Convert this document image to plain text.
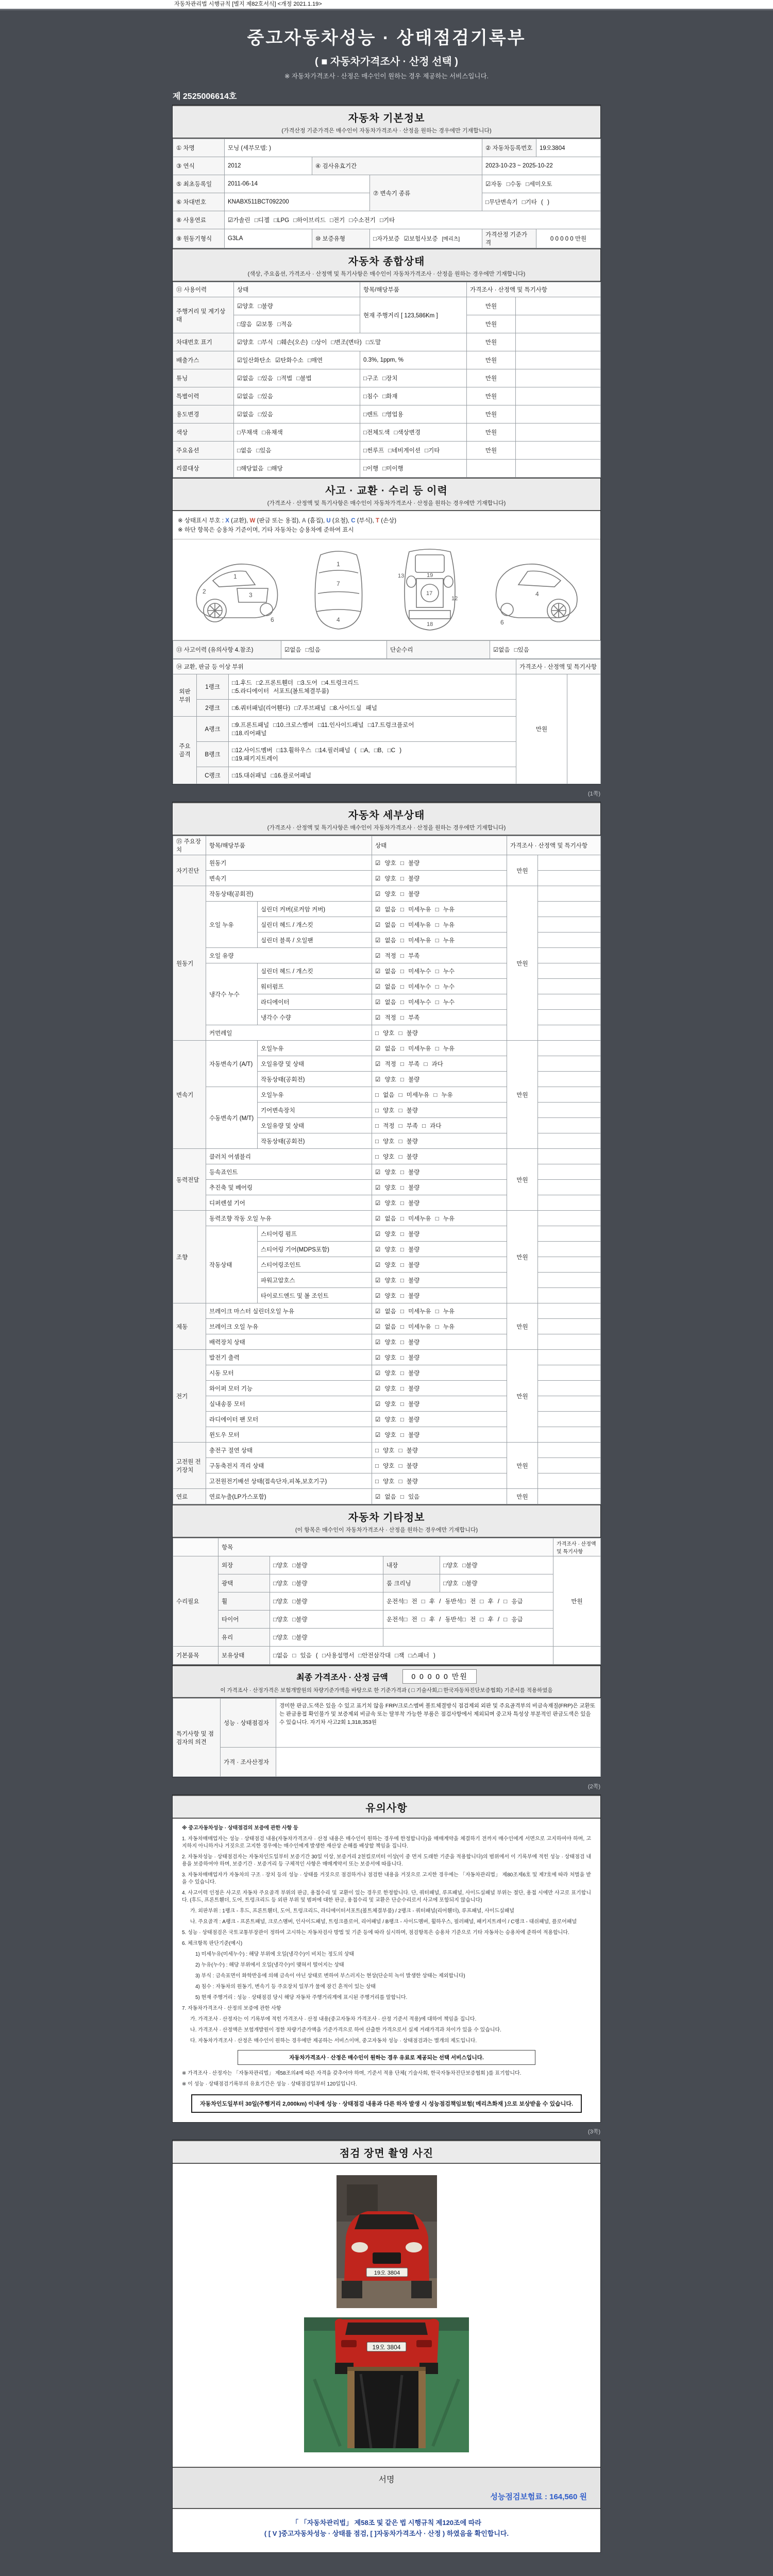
자동차관리법 시행규칙 [별지 제82호서식] <개정 2021.1.19>
중고자동차성능 · 상태점검기록부
( ■ 자동차가격조사 · 산정 선택 )
※ 자동차가격조사 · 산정은 매수인이 원하는 경우 제공하는 서비스입니다.
제 2525006614호
자동차 기본정보
(가격산정 기준가격은 매수인이 자동차가격조사 · 산정을 원하는 경우에만 기재합니다)
① 차명	모닝 (세부모델: )			② 자동차등록번호	19오3804
③ 연식	2012	④ 검사유효기간		2023-10-23 ~ 2025-10-22	
⑤ 최초등록일	2011-06-14		⑦ 변속기 종류	☑자동 □수동 □세미오토	
⑥ 차대번호	KNABX511BCT092200			□무단변속기 □기타 ( )	
⑧ 사용연료	☑가솔린 □디젤 □LPG □하이브리드 □전기 □수소전기 □기타				
⑨ 원동기형식	G3LA	⑩ 보증유형	□자가보증 ☑보험사보증 [메리츠]	가격산정 기준가격	0 0 0 0 0 만원
자동차 종합상태
(색상, 주요옵션, 가격조사 · 산정액 및 특기사항은 매수인이 자동차가격조사 · 산정을 원하는 경우에만 기재합니다)
⑪ 사용이력	상태	항목/해당부품	가격조사 · 산정액 및 특기사항	
주행거리 및 계기상태	☑양호 □불량	현재 주행거리 [ 123,586Km ]	만원	
	□많음 ☑보통 □적음		만원	
차대번호 표기	☑양호 □부식 □훼손(오손) □상이 □변조(변타) □도말		만원	
배출가스	☑일산화탄소 ☑탄화수소 □매연	0.3%, 1ppm, %	만원	
튜닝	☑없음 □있음 □적법 □불법	□구조 □장치	만원	
특별이력	☑없음 □있음	□침수 □화재	만원	
용도변경	☑없음 □있음	□렌트 □영업용	만원	
색상	□무채색 □유채색	□전체도색 □색상변경	만원	
주요옵션	□없음 □있음	□썬루프 □네비게이션 □기타	만원	
리콜대상	□해당없음 □해당	□이행 □미이행		
사고 · 교환 · 수리 등 이력
(가격조사 · 산정액 및 특기사항은 매수인이 자동차가격조사 · 산정을 원하는 경우에만 기재합니다)
※ 상태표시 부호 : X (교환), W (판금 또는 용접), A (흠집), U (요철), C (부식), T (손상)
※ 하단 항목은 승용차 기준이며, 기타 자동차는 승용차에 준하여 표시
1
2	3
6
1
7
4
13	19
12
17
18	6
4
⑬ 사고이력 (유의사항 4.참조)	☑없음 □있음	단순수리	☑없음 □있음
⑭ 교환, 판금 등 이상 부위			가격조사 · 산정액 및 특기사항	
외판부위	1랭크	□1.후드 □2.프론트휀더 □3.도어 □4.트렁크리드
□5.라디에이터 서포트(볼트체결부품)	만원	
	2랭크	□6.쿼터패널(리어휀다) □7.루브패널 □8.사이드실 패널		
주요골격	A랭크	□9.프론트패널 □10.크로스멤버 □11.인사이드패널 □17.트렁크플로어
□18.리어패널		
	B랭크	□12.사이드멤버 □13.휠하우스 □14.필러패널 ( □A, □B, □C )
□19.패키지트레이		
	C랭크	□15.대쉬패널 □16.플로어패널		
(1쪽)
자동차 세부상태
(가격조사 · 산정액 및 특기사항은 매수인이 자동차가격조사 · 산정을 원하는 경우에만 기재합니다)
⑮ 주요장치	항목/해당부품		상태	가격조사 · 산정액 및 특기사항	
자기진단	원동기		☑ 양호 □ 불량	만원	
	변속기		☑ 양호 □ 불량		
원동기	작동상태(공회전)		☑ 양호 □ 불량	만원	
	오일 누유	실린더 커버(로커암 커버)	☑ 없음 □ 미세누유 □ 누유		
		실린더 헤드 / 개스킷	☑ 없음 □ 미세누유 □ 누유		
		실린더 블록 / 오일팬	☑ 없음 □ 미세누유 □ 누유		
	오일 유량		☑ 적정 □ 부족		
	냉각수 누수	실린더 헤드 / 개스킷	☑ 없음 □ 미세누수 □ 누수		
		워터펌프	☑ 없음 □ 미세누수 □ 누수		
		라디에이터	☑ 없음 □ 미세누수 □ 누수		
		냉각수 수량	☑ 적정 □ 부족		
	커먼레일		□ 양호 □ 불량		
변속기	자동변속기 (A/T)	오일누유	☑ 없음 □ 미세누유 □ 누유	만원	
		오일유량 및 상태	☑ 적정 □ 부족 □ 과다		
		작동상태(공회전)	☑ 양호 □ 불량		
	수동변속기 (M/T)	오일누유	□ 없음 □ 미세누유 □ 누유		
		기어변속장치	□ 양호 □ 불량		
		오일유량 및 상태	□ 적정 □ 부족 □ 과다		
		작동상태(공회전)	□ 양호 □ 불량		
동력전달	클러치 어셈블리		□ 양호 □ 불량	만원	
	등속죠인트		☑ 양호 □ 불량		
	추진축 및 베어링		☑ 양호 □ 불량		
	디퍼렌셜 기어		☑ 양호 □ 불량		
조향	동력조향 작동 오일 누유		☑ 없음 □ 미세누유 □ 누유	만원	
	작동상태	스티어링 펌프	☑ 양호 □ 불량		
		스티어링 기어(MDPS포함)	☑ 양호 □ 불량		
		스티어링조인트	☑ 양호 □ 불량		
		파워고압호스	☑ 양호 □ 불량		
		타이로드엔드 및 볼 조인트	☑ 양호 □ 불량		
제동	브레이크 마스터 실린더오일 누유		☑ 없음 □ 미세누유 □ 누유	만원	
	브레이크 오일 누유		☑ 없음 □ 미세누유 □ 누유		
	배력장치 상태		☑ 양호 □ 불량		
전기	발전기 출력		☑ 양호 □ 불량	만원	
	시동 모터		☑ 양호 □ 불량		
	와이퍼 모터 기능		☑ 양호 □ 불량		
	실내송풍 모터		☑ 양호 □ 불량		
	라디에이터 팬 모터		☑ 양호 □ 불량		
	윈도우 모터		☑ 양호 □ 불량		
고전원 전기장치	충전구 절연 상태		□ 양호 □ 불량	만원	
	구동축전지 격리 상태		□ 양호 □ 불량		
	고전원전기배선 상태(접속단자,피복,보호기구)		□ 양호 □ 불량		
연료	연료누출(LP가스포함)		☑ 없음 □ 있음	만원	
자동차 기타정보
(이 항목은 매수인이 자동차가격조사 · 산정을 원하는 경우에만 기재합니다)
	항목				가격조사 · 산정액 및 특기사항
수리필요	외장	□양호 □불량	내장	□양호 □불량	만원
	광택	□양호 □불량	룸 크리닝	□양호 □불량	
	휠	□양호 □불량	운전석□ 전 □ 후 / 동반석□ 전 □ 후 / □ 응급		
	타이어	□양호 □불량	운전석□ 전 □ 후 / 동반석□ 전 □ 후 / □ 응급		
	유리	□양호 □불량			
기본품목	보유상태	□없음 □ 있음 ( □사용설명서 □안전삼각대 □잭 □스패너 )			
최종 가격조사 · 산정 금액	0 0 0 0 0 만원
이 가격조사 · 산정가격은 보험개발원의 차량기준가액을 바탕으로 한 기준가격과 ( □ 기술사회,□ 한국자동차진단보증협회) 기준서를 적용하였음
특기사항 및 점검자의 의견	성능 · 상태점검자	경미한 판금,도색은 있을 수 있고 표기치 않음 FRP/크로스멤버 볼트체결방식 점검제외 외판 및 주요골격부의 비금속재질(FRP)은 교환또는 판금용접 확인불가 및 보증제외 비금속 또는 탈부착 가능한 부품은 점검사항에서 제외되며 중고차 특성상 부분적인 판금도색은 있을 수 있습니다. 자기차 사고2회 1,318,353원
	가격 · 조사산정자	
(2쪽)
유의사항

※ 중고자동차성능 · 상태점검의 보증에 관한 사항 등

1. 자동차매매업자는 성능 · 상태점검 내용(자동차가격조사 · 산정 내용은 매수인이 원하는 경우에 한정합니다)을 매매계약을 체결하기 전까지 매수인에게 서면으로 고지하여야 하며, 고지하지 아니하거나 거짓으로 고지한 경우에는 매수인에게 발생한 재산상 손해를 배상할 책임을 집니다.

2. 자동차성능 · 상태점검자는 자동차인도일부터 보증기간 30일 이상, 보증거리 2천킬로미터 이상(이 중 먼저 도래한 기준을 적용합니다)의 범위에서 이 기록부에 적힌 성능 · 상태점검 내용을 보증하여야 하며, 보증기간 · 보증거리 등 구체적인 사항은 매매계약서 또는 보증서에 따릅니다.

3. 자동차매매업자가 자동차의 구조 · 장치 등의 성능 · 상태를 거짓으로 점검하거나 점검한 내용을 거짓으로 고지한 경우에는 「자동차관리법」 제80조제6호 및 제7호에 따라 처벌을 받을 수 있습니다.

4. 사고이력 인정은 사고로 자동차 주요골격 부위의 판금, 용접수리 및 교환이 있는 경우로 한정합니다. 단, 쿼터패널, 루프패널, 사이드실패널 부위는 절단, 용접 시에만 사고로 표기합니다. (후드, 프론트휀더, 도어, 트렁크리드 등 외판 부위 및 범퍼에 대한 판금, 용접수리 및 교환은 단순수리로서 사고에 포함되지 않습니다)

가. 외판부위 : 1랭크 - 후드, 프론트휀더, 도어, 트렁크리드, 라디에이터서포트(볼트체결부품) / 2랭크 - 쿼터패널(리어휀더), 루프패널, 사이드실패널

나. 주요골격 : A랭크 - 프론트패널, 크로스멤버, 인사이드패널, 트렁크플로어, 리어패널 / B랭크 - 사이드멤버, 휠하우스, 필러패널, 패키지트레이 / C랭크 - 대쉬패널, 플로어패널

5. 성능 · 상태점검은 국토교통부장관이 정하여 고시하는 자동차검사 방법 및 기준 등에 따라 실시하며, 점검항목은 승용차 기준으로 기타 자동차는 승용차에 준하여 적용합니다.

6. 체크항목 판단기준(예시)

1) 미세누유(미세누수) : 해당 부위에 오일(냉각수)이 비치는 정도의 상태

2) 누유(누수) : 해당 부위에서 오일(냉각수)이 맺혀서 떨어지는 상태

3) 부식 : 금속표면이 화학반응에 의해 금속이 아닌 상태로 변하여 부스러지는 현상(단순히 녹이 발생한 상태는 제외합니다)

4) 침수 : 자동차의 원동기, 변속기 등 주요장치 일부가 물에 잠긴 흔적이 있는 상태

5) 현재 주행거리 : 성능 · 상태점검 당시 해당 자동차 주행거리계에 표시된 주행거리를 말합니다.

7. 자동차가격조사 · 산정의 보증에 관한 사항

가. 가격조사 · 산정자는 이 기록부에 적힌 가격조사 · 산정 내용(중고자동차 가격조사 · 산정 기준서 적용)에 대하여 책임을 집니다.

나. 가격조사 · 산정액은 보험개발원이 정한 차량기준가액을 기준가격으로 하여 산출한 가격으로서 실제 거래가격과 차이가 있을 수 있습니다.

다. 자동차가격조사 · 산정은 매수인이 원하는 경우에만 제공하는 서비스이며, 중고자동차 성능 · 상태점검과는 별개의 제도입니다.

자동차가격조사 · 산정은 매수인이 원하는 경우 유료로 제공되는 선택 서비스입니다.

※ 가격조사 · 산정자는 「자동차관리법」 제58조의4에 따른 자격을 갖추어야 하며, 기준서 적용 단체( 기술사회, 한국자동차진단보증협회 )를 표기합니다.

※ 이 성능 · 상태점검기록부의 유효기간은 성능 · 상태점검일부터 120일입니다.

자동차인도일부터 30일(주행거리 2,000km) 이내에 성능 · 상태점검 내용과 다른 하자 발생 시 성능점검책임보험( 메리츠화재 )으로 보상받을 수 있습니다.
(3쪽)
점검 장면 촬영 사진
19오 3804
19오 3804
서명
성능점검보험료 : 164,560 원
「 「자동차관리법」 제58조 및 같은 법 시행규칙 제120조에 따라
( [ V ]중고자동차성능 · 상태를 점검, [ ]자동차가격조사 · 산정 ) 하였음을 확인합니다.
